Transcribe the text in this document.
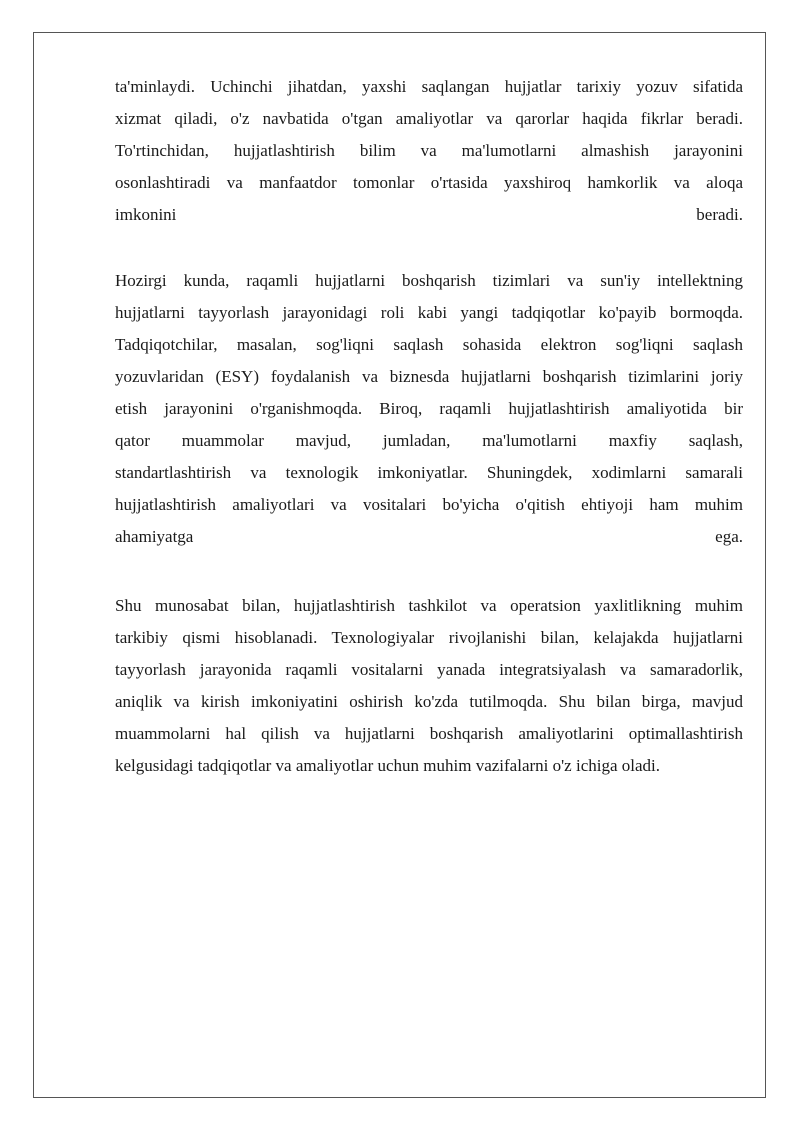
ta'minlaydi. Uchinchi jihatdan, yaxshi saqlangan hujjatlar tarixiy yozuv sifatida
xizmat qiladi, o'z navbatida o'tgan amaliyotlar va qarorlar haqida fikrlar beradi.
To'rtinchidan, hujjatlashtirish bilim va ma'lumotlarni almashish jarayonini
osonlashtiradi va manfaatdor tomonlar o'rtasida yaxshiroq hamkorlik va aloqa
imkonini beradi.
Hozirgi kunda, raqamli hujjatlarni boshqarish tizimlari va sun'iy intellektning
hujjatlarni tayyorlash jarayonidagi roli kabi yangi tadqiqotlar ko'payib bormoqda.
Tadqiqotchilar, masalan, sog'liqni saqlash sohasida elektron sog'liqni saqlash
yozuvlaridan (ESY) foydalanish va biznesda hujjatlarni boshqarish tizimlarini joriy
etish jarayonini o'rganishmoqda. Biroq, raqamli hujjatlashtirish amaliyotida bir
qator muammolar mavjud, jumladan, ma'lumotlarni maxfiy saqlash,
standartlashtirish va texnologik imkoniyatlar. Shuningdek, xodimlarni samarali
hujjatlashtirish amaliyotlari va vositalari bo'yicha o'qitish ehtiyoji ham muhim
ahamiyatga ega.
Shu munosabat bilan, hujjatlashtirish tashkilot va operatsion yaxlitlikning muhim
tarkibiy qismi hisoblanadi. Texnologiyalar rivojlanishi bilan, kelajakda hujjatlarni
tayyorlash jarayonida raqamli vositalarni yanada integratsiyalash va samaradorlik,
aniqlik va kirish imkoniyatini oshirish ko'zda tutilmoqda. Shu bilan birga, mavjud
muammolarni hal qilish va hujjatlarni boshqarish amaliyotlarini optimallashtirish
kelgusidagi tadqiqotlar va amaliyotlar uchun muhim vazifalarni o'z ichiga oladi.
